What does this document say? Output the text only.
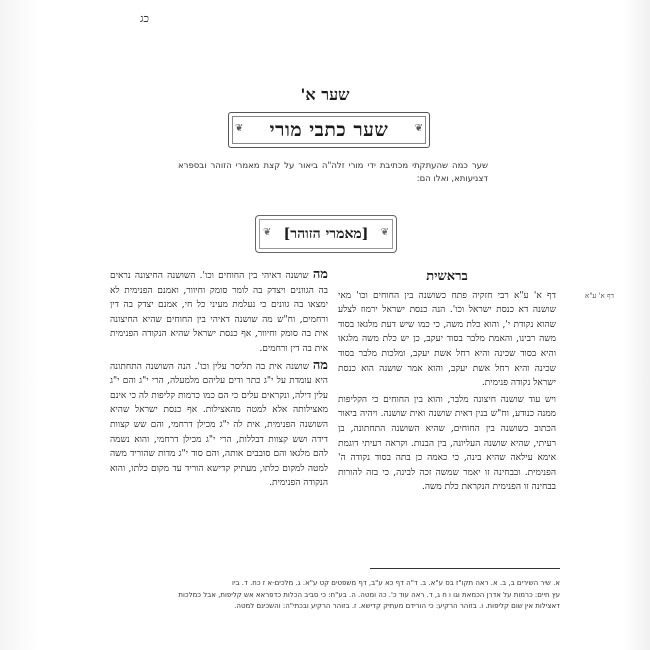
כג
שער א'
❦ שער כתבי מורי	❦
שער כמה שהעתקתי מכתיבת ידי מורי זלה"ה ביאור על קצת מאמרי הזוהר ובספרא דצניעותא, ואלו הם:
❦ [מאמרי הזוהר] ❦
דף א' ע"א
בראשית

דף א' ע"א רבי חזקיה פתח כשושנה בין החוחים וכו' מאי שושנה דא כנסת ישראל וכו'. הנה כנסת ישראל ירמוז לצלע שהוא נקודת י', והוא כלת משה, כי כמו שיש דעת מלגאו בסוד משה רבינו, והאמת מלבר בסוד יעקב, כן יש כלת משה מלגאו והיא בסוד שכינה והיא רחל אשת יעקב, ומלכות מלבר בסוד שכינה והיא רחל אשת יעקב, והוא אמר שושנה הוא כנסת ישראל נקודה פנימית.

ויש עוד שושנה חיצונה מלבר, והוא בין החוחים כי הקליפות ממנה כנודע, וח"ש בנין דאית שושנה ואית שושנה. ויהיה ביאור הכתוב כשושנה בין החוחים, שהיא השושנה התחתונה, בן רעיתי, שהיא שושנה העליונה, בין הבנות. וקראה רעיתי דוגמת אימא עילאה שהיא בינה, כי כאמה כן בתה בסוד נקודה ה' הפנימית. ובבחינה זו יאמר שמשה זכה לבינה, כי בזה להורות בבחינה זו הפנימית הנקראת כלת משה.

מה שושנה דאיהי בין החוחים וכו'. השושנה החיצונה נראים בה הגוונים ויצדק בה לומר סומק וחיוור, ואמנם הפנימית לא ימצאו בה גוונים כי נעלמת מעיני כל חי, אמנם יצדק בה דין ורחמים, וח"ש מה שושנה דאיהי בין החוחים שהיא החיצונה אית בה סומק וחיוור, אף כנסת ישראל שהיא הנקודה הפנימית אית בה דין ורחמים.

מה שושנה אית בה תליסר עלין וכו'. הנה השושנה התחתונה היא עומדת על י"ג כתר ודים עליהם מלמעלה, הרי י"ג והם י"ג עלין דילה, ונקראים עלים כי הם כמו כרמות קליפות לה כי אינם מאצילותה אלא למטה מהאצילות. אף כנסת ישראל שהיא השושנה הפנימית, אית לה י"ג מכילן דרחמי, והם שש קצוות דידה ושש קצוות דבללות, הרי י"ג מכילן דרחמי, והוא נשמה להם מלגאו והם סובבים אותה, והם סוד י"ג מדות שהוריד משה למטה למקום כלתו, מעתיק קדישא הוריד עד מקום כלתו, והוא הנקודה הפנימית.

א. שיר השירים ב, ב. א. ראה תקו"ז בס ע"א. ב. ד"ה דף כא ע"ב, דף משפטים קט ע"א. ג. מלכים-א ז כח. ד. ביו

עץ חיים: כרמות על אדרן הכמאת וגו ו ח ג, ד. ראה עוד כ'. כה ומטה. ה. בע"ח: כי סביב הכלות כדפראא אש קליפות, אבל כמלכות

דאצילות אין שום קליפות. ו. בזוהר הרקיע: כי הורידם מעתיק קדישא. ז. בזוהר הרקיע ובכתי"ה: והשכינם למטה.
